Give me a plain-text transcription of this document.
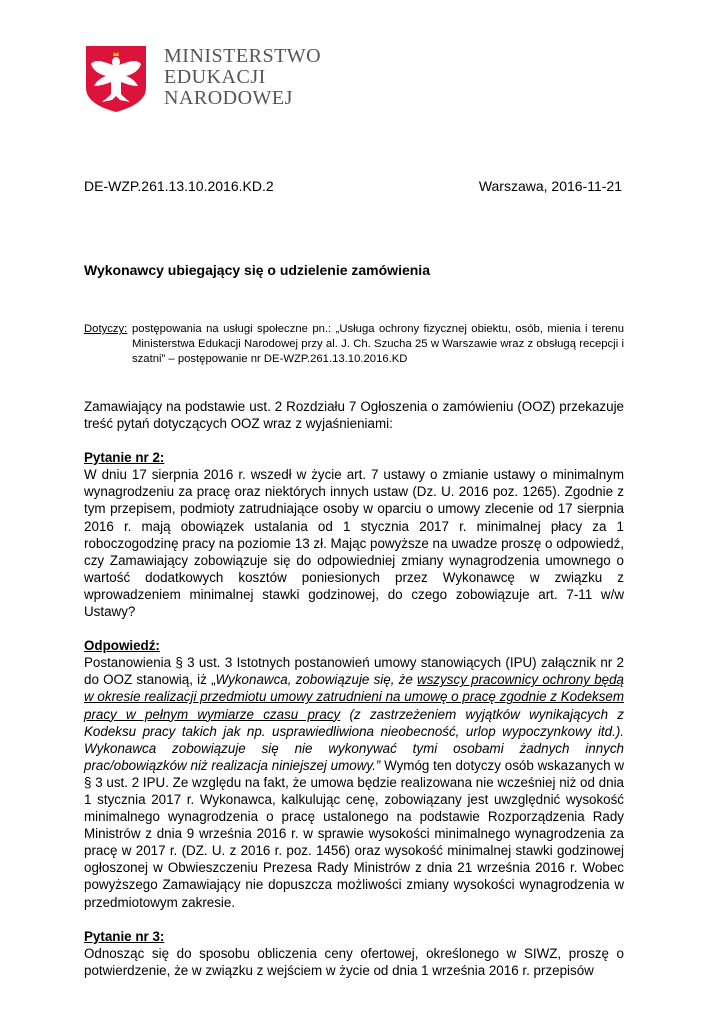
MINISTERSTWO
EDUKACJI
NARODOWEJ
DE-WZP.261.13.10.2016.KD.2	Warszawa, 2016-11-21
Wykonawcy ubiegający się o udzielenie zamówienia
Dotyczy: postępowania na usługi społeczne pn.: „Usługa ochrony fizycznej obiektu, osób, mienia i terenu Ministerstwa Edukacji Narodowej przy al. J. Ch. Szucha 25 w Warszawie wraz z obsługą recepcji i szatni” – postępowanie nr DE-WZP.261.13.10.2016.KD

Zamawiający na podstawie ust. 2 Rozdziału 7 Ogłoszenia o zamówieniu (OOZ) przekazuje treść pytań dotyczących OOZ wraz z wyjaśnieniami:

Pytanie nr 2:

W dniu 17 sierpnia 2016 r. wszedł w życie art. 7 ustawy o zmianie ustawy o minimalnym wynagrodzeniu za pracę oraz niektórych innych ustaw (Dz. U. 2016 poz. 1265). Zgodnie z tym przepisem, podmioty zatrudniające osoby w oparciu o umowy zlecenie od 17 sierpnia 2016 r. mają obowiązek ustalania od 1 stycznia 2017 r. minimalnej płacy za 1 roboczogodzinę pracy na poziomie 13 zł. Mając powyższe na uwadze proszę o odpowiedź, czy Zamawiający zobowiązuje się do odpowiedniej zmiany wynagrodzenia umownego o wartość dodatkowych kosztów poniesionych przez Wykonawcę w związku z wprowadzeniem minimalnej stawki godzinowej, do czego zobowiązuje art. 7-11 w/w Ustawy?

Odpowiedź:

Postanowienia § 3 ust. 3 Istotnych postanowień umowy stanowiących (IPU) załącznik nr 2 do OOZ stanowią, iż „Wykonawca, zobowiązuje się, że wszyscy pracownicy ochrony będą w okresie realizacji przedmiotu umowy zatrudnieni na umowę o pracę zgodnie z Kodeksem pracy w pełnym wymiarze czasu pracy (z zastrzeżeniem wyjątków wynikających z Kodeksu pracy takich jak np. usprawiedliwiona nieobecność, urlop wypoczynkowy itd.). Wykonawca zobowiązuje się nie wykonywać tymi osobami żadnych innych prac/obowiązków niż realizacja niniejszej umowy.” Wymóg ten dotyczy osób wskazanych w § 3 ust. 2 IPU. Ze względu na fakt, że umowa będzie realizowana nie wcześniej niż od dnia 1 stycznia 2017 r. Wykonawca, kalkulując cenę, zobowiązany jest uwzględnić wysokość minimalnego wynagrodzenia o pracę ustalonego na podstawie Rozporządzenia Rady Ministrów z dnia 9 września 2016 r. w sprawie wysokości minimalnego wynagrodzenia za pracę w 2017 r. (DZ. U. z 2016 r. poz. 1456) oraz wysokość minimalnej stawki godzinowej ogłoszonej w Obwieszczeniu Prezesa Rady Ministrów z dnia 21 września 2016 r. Wobec powyższego Zamawiający nie dopuszcza możliwości zmiany wysokości wynagrodzenia w przedmiotowym zakresie.

Pytanie nr 3:

Odnosząc się do sposobu obliczenia ceny ofertowej, określonego w SIWZ, proszę o potwierdzenie, że w związku z wejściem w życie od dnia 1 września 2016 r. przepisów
